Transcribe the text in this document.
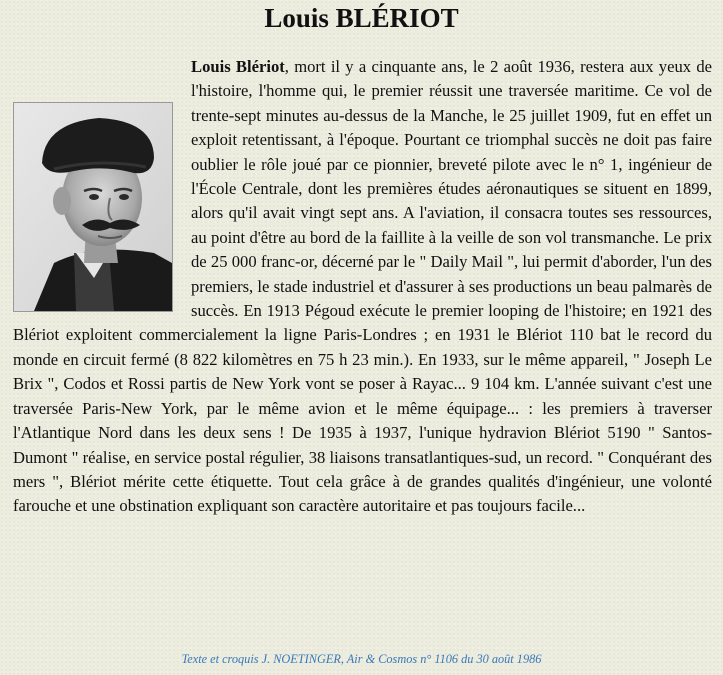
Louis BLÉRIOT

Louis Blériot, mort il y a cinquante ans, le 2 août 1936, restera aux yeux de l'histoire, l'homme qui, le premier réussit une traversée maritime. Ce vol de trente-sept minutes au-dessus de la Manche, le 25 juillet 1909, fut en effet un exploit retentissant, à l'époque. Pourtant ce triomphal succès ne doit pas faire oublier le rôle joué par ce pionnier, breveté pilote avec le n° 1, ingénieur de l'École Centrale, dont les premières études aéronautiques se situent en 1899, alors qu'il avait vingt sept ans. A l'aviation, il consacra toutes ses ressources, au point d'être au bord de la faillite à la veille de son vol transmanche. Le prix de 25 000 franc-or, décerné par le " Daily Mail ", lui permit d'aborder, l'un des premiers, le stade industriel et d'assurer à ses productions un beau palmarès de succès. En 1913 Pégoud exécute le premier looping de l'histoire; en 1921 des Blériot exploitent commercialement la ligne Paris-Londres ; en 1931 le Blériot 110 bat le record du monde en circuit fermé (8 822 kilomètres en 75 h 23 min.). En 1933, sur le même appareil, " Joseph Le Brix ", Codos et Rossi partis de New York vont se poser à Rayac... 9 104 km. L'année suivant c'est une traversée Paris-New York, par le même avion et le même équipage... : les premiers à traverser l'Atlantique Nord dans les deux sens ! De 1935 à 1937, l'unique hydravion Blériot 5190 " Santos-Dumont " réalise, en service postal régulier, 38 liaisons transatlantiques-sud, un record. " Conquérant des mers ", Blériot mérite cette étiquette. Tout cela grâce à de grandes qualités d'ingénieur, une volonté farouche et une obstination expliquant son caractère autoritaire et pas toujours facile...

Texte et croquis J. NOETINGER, Air & Cosmos n° 1106 du 30 août 1986
